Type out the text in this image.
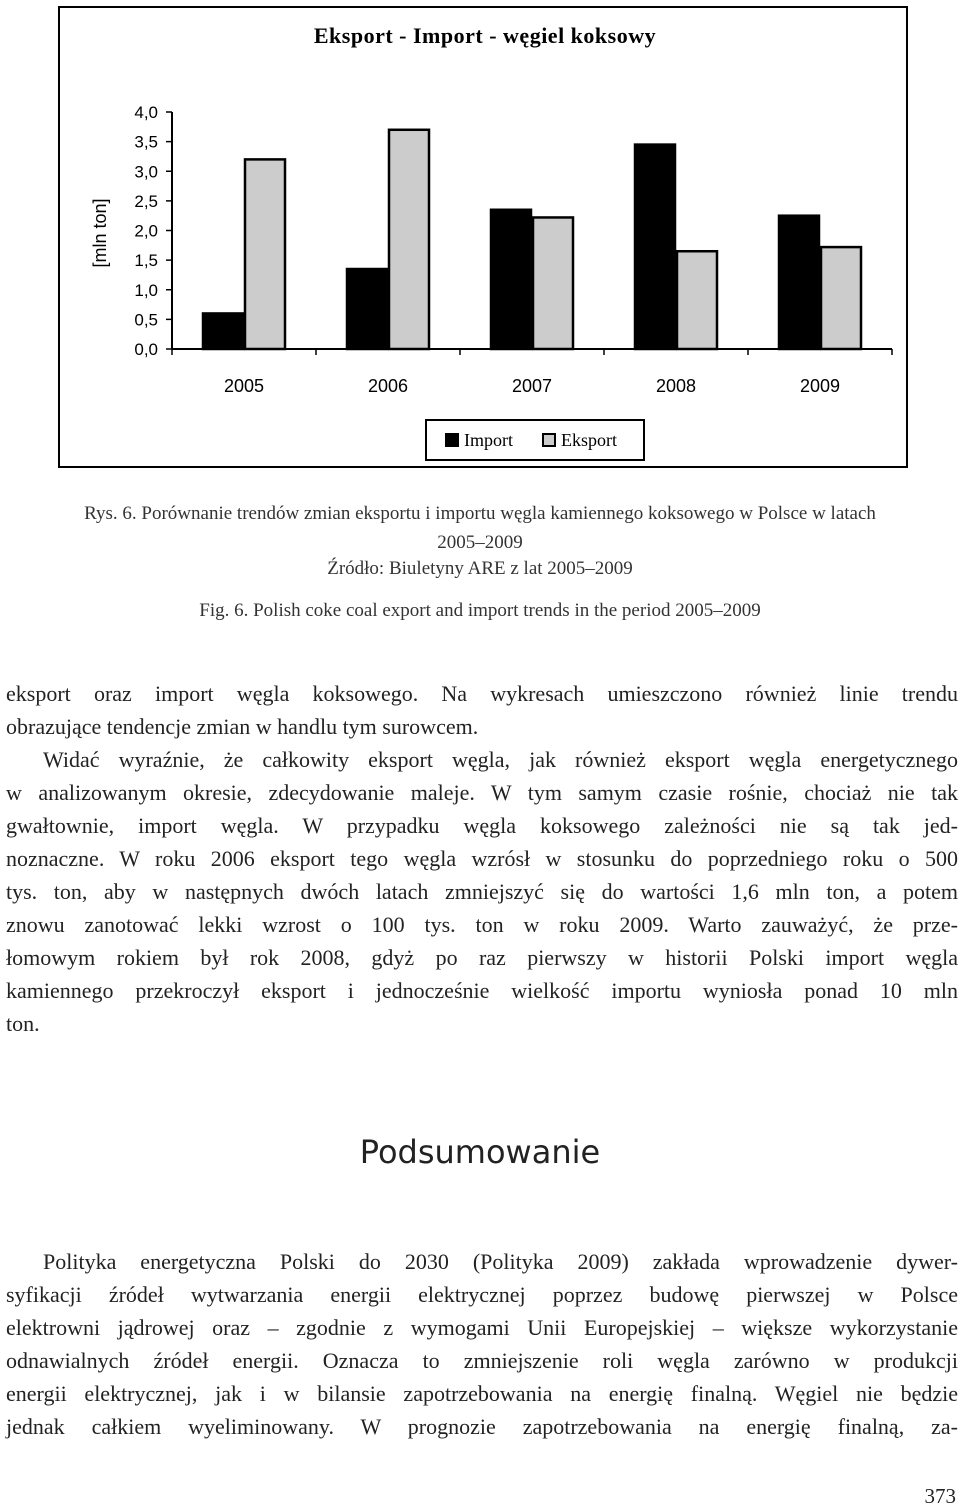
Eksport - Import - węgiel koksowy
[mln ton]
0,0
0,5
1,0
1,5
2,0
2,5
3,0
3,5
4,0
2005	2006	2007	2008	2009
Import	Eksport
Rys. 6. Porównanie trendów zmian eksportu i importu węgla kamiennego koksowego w Polsce w latach
2005–2009
Źródło: Biuletyny ARE z lat 2005–2009
Fig. 6. Polish coke coal export and import trends in the period 2005–2009
eksport oraz import węgla koksowego. Na wykresach umieszczono również linie trendu
obrazujące tendencje zmian w handlu tym surowcem.
Widać wyraźnie, że całkowity eksport węgla, jak również eksport węgla energetycznego
w analizowanym okresie, zdecydowanie maleje. W tym samym czasie rośnie, chociaż nie tak
gwałtownie, import węgla. W przypadku węgla koksowego zależności nie są tak jed-
noznaczne. W roku 2006 eksport tego węgla wzrósł w stosunku do poprzedniego roku o 500
tys. ton, aby w następnych dwóch latach zmniejszyć się do wartości 1,6 mln ton, a potem
znowu zanotować lekki wzrost o 100 tys. ton w roku 2009. Warto zauważyć, że prze-
łomowym rokiem był rok 2008, gdyż po raz pierwszy w historii Polski import węgla
kamiennego przekroczył eksport i jednocześnie wielkość importu wyniosła ponad 10 mln
ton.
Podsumowanie
Polityka energetyczna Polski do 2030 (Polityka 2009) zakłada wprowadzenie dywer-
syfikacji źródeł wytwarzania energii elektrycznej poprzez budowę pierwszej w Polsce
elektrowni jądrowej oraz – zgodnie z wymogami Unii Europejskiej – większe wykorzystanie
odnawialnych źródeł energii. Oznacza to zmniejszenie roli węgla zarówno w produkcji
energii elektrycznej, jak i w bilansie zapotrzebowania na energię finalną. Węgiel nie będzie
jednak całkiem wyeliminowany. W prognozie zapotrzebowania na energię finalną, za-
373
